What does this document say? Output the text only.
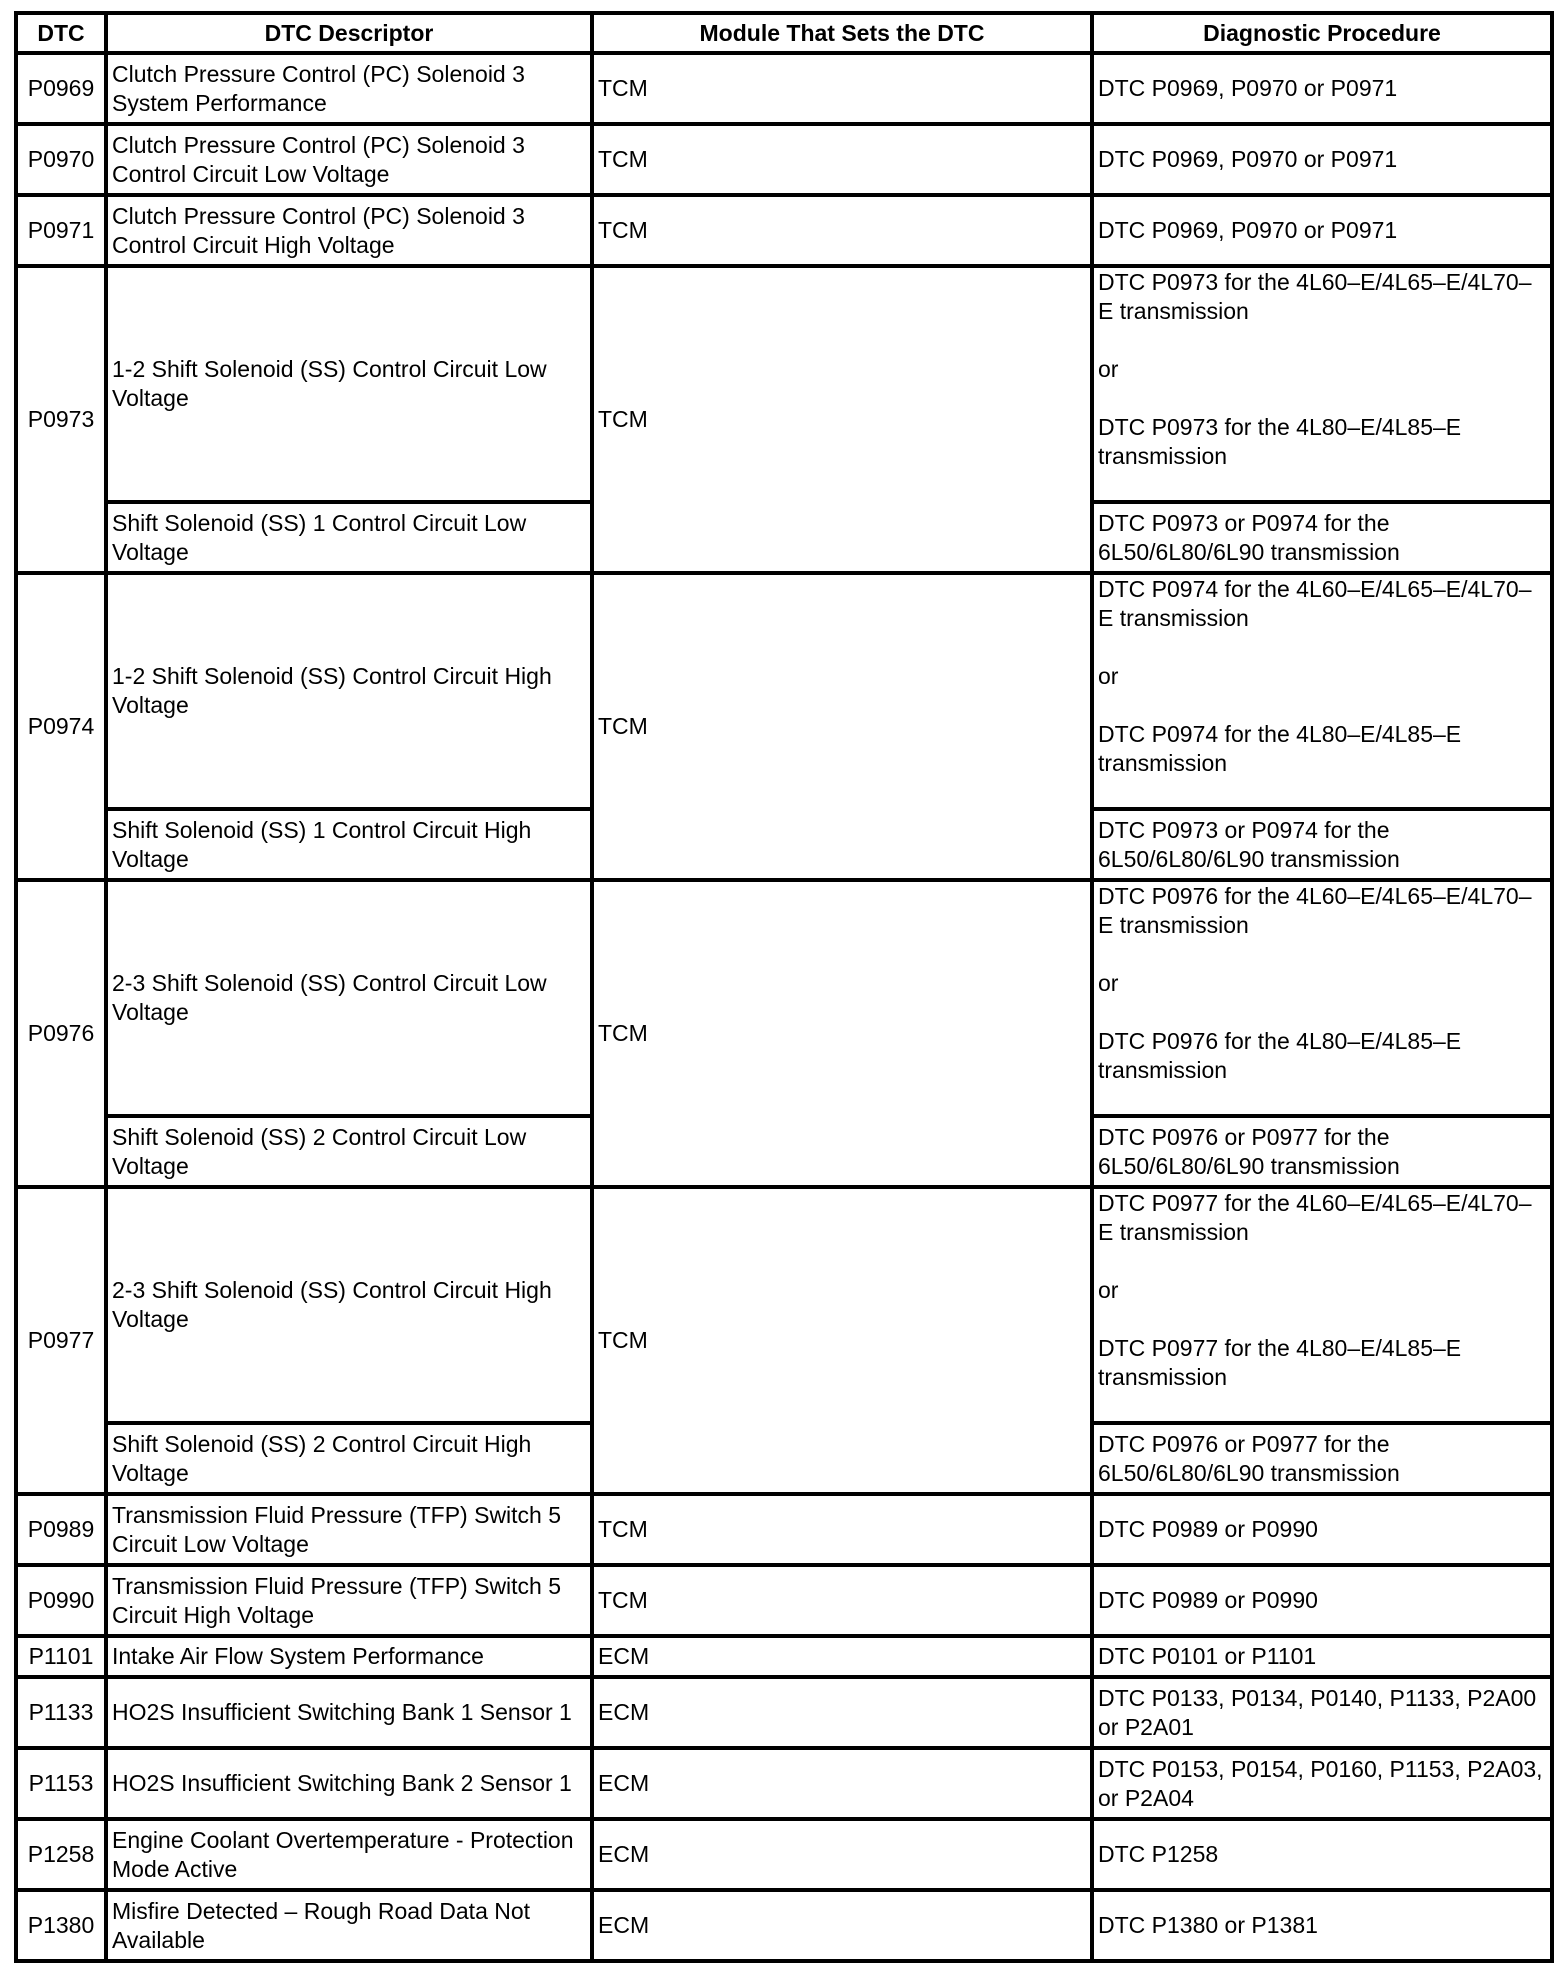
DTC	DTC Descriptor	Module That Sets the DTC	Diagnostic Procedure
P0969	Clutch Pressure Control (PC) Solenoid 3 System Performance	TCM	DTC P0969, P0970 or P0971
P0970	Clutch Pressure Control (PC) Solenoid 3 Control Circuit Low Voltage	TCM	DTC P0969, P0970 or P0971
P0971	Clutch Pressure Control (PC) Solenoid 3 Control Circuit High Voltage	TCM	DTC P0969, P0970 or P0971
P0973	1-2 Shift Solenoid (SS) Control Circuit Low Voltage	TCM	DTC P0973 for the 4L60–E/4L65–E/4L70–E transmission

or

DTC P0973 for the 4L80–E/4L85–E transmission
	Shift Solenoid (SS) 1 Control Circuit Low Voltage		DTC P0973 or P0974 for the 6L50/6L80/6L90 transmission
P0974	1-2 Shift Solenoid (SS) Control Circuit High Voltage	TCM	DTC P0974 for the 4L60–E/4L65–E/4L70–E transmission

or

DTC P0974 for the 4L80–E/4L85–E transmission
	Shift Solenoid (SS) 1 Control Circuit High Voltage		DTC P0973 or P0974 for the 6L50/6L80/6L90 transmission
P0976	2-3 Shift Solenoid (SS) Control Circuit Low Voltage	TCM	DTC P0976 for the 4L60–E/4L65–E/4L70–E transmission

or

DTC P0976 for the 4L80–E/4L85–E transmission
	Shift Solenoid (SS) 2 Control Circuit Low Voltage		DTC P0976 or P0977 for the 6L50/6L80/6L90 transmission
P0977	2-3 Shift Solenoid (SS) Control Circuit High Voltage	TCM	DTC P0977 for the 4L60–E/4L65–E/4L70–E transmission

or

DTC P0977 for the 4L80–E/4L85–E transmission
	Shift Solenoid (SS) 2 Control Circuit High Voltage		DTC P0976 or P0977 for the 6L50/6L80/6L90 transmission
P0989	Transmission Fluid Pressure (TFP) Switch 5 Circuit Low Voltage	TCM	DTC P0989 or P0990
P0990	Transmission Fluid Pressure (TFP) Switch 5 Circuit High Voltage	TCM	DTC P0989 or P0990
P1101	Intake Air Flow System Performance	ECM	DTC P0101 or P1101
P1133	HO2S Insufficient Switching Bank 1 Sensor 1	ECM	DTC P0133, P0134, P0140, P1133, P2A00 or P2A01
P1153	HO2S Insufficient Switching Bank 2 Sensor 1	ECM	DTC P0153, P0154, P0160, P1153, P2A03, or P2A04
P1258	Engine Coolant Overtemperature - Protection Mode Active	ECM	DTC P1258
P1380	Misfire Detected – Rough Road Data Not Available	ECM	DTC P1380 or P1381
